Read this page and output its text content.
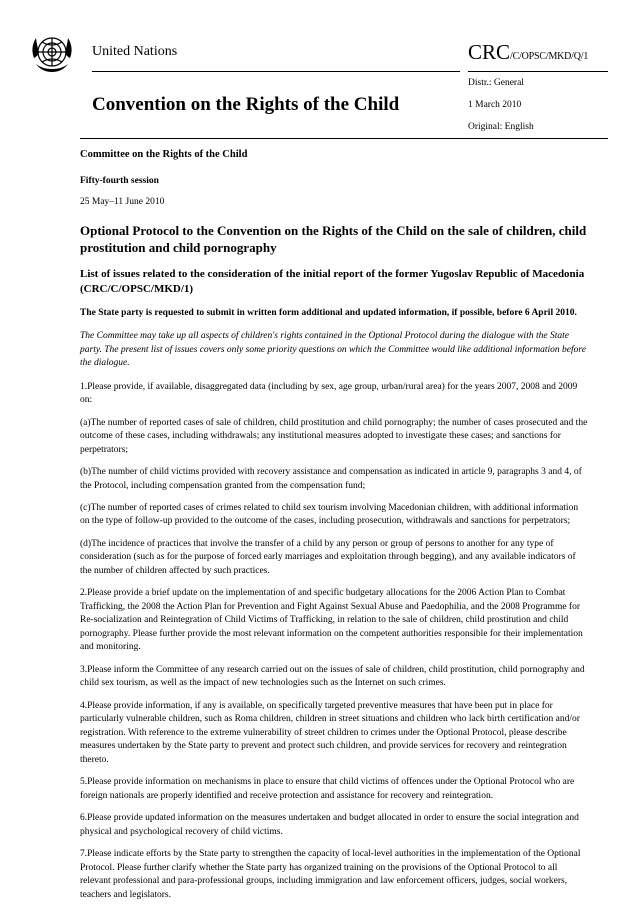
United Nations	CRC/C/OPSC/MKD/Q/1
Convention on the Rights of the Child
Distr.: General
1 March 2010
Original: English

Committee on the Rights of the Child

Fifty-fourth session

25 May–11 June 2010

Optional Protocol to the Convention on the Rights of the Child on the sale of children, child prostitution and child pornography

List of issues related to the consideration of the initial report of the former Yugoslav Republic of Macedonia (CRC/C/OPSC/MKD/1)

The State party is requested to submit in written form additional and updated information, if possible, before 6 April 2010.

The Committee may take up all aspects of children's rights contained in the Optional Protocol during the dialogue with the State party. The present list of issues covers only some priority questions on which the Committee would like additional information before the dialogue.

1.Please provide, if available, disaggregated data (including by sex, age group, urban/rural area) for the years 2007, 2008 and 2009 on:

(a)The number of reported cases of sale of children, child prostitution and child pornography; the number of cases prosecuted and the outcome of these cases, including withdrawals; any institutional measures adopted to investigate these cases; and sanctions for perpetrators;

(b)The number of child victims provided with recovery assistance and compensation as indicated in article 9, paragraphs 3 and 4, of the Protocol, including compensation granted from the compensation fund;

(c)The number of reported cases of crimes related to child sex tourism involving Macedonian children, with additional information on the type of follow-up provided to the outcome of the cases, including prosecution, withdrawals and sanctions for perpetrators;

(d)The incidence of practices that involve the transfer of a child by any person or group of persons to another for any type of consideration (such as for the purpose of forced early marriages and exploitation through begging), and any available indicators of the number of children affected by such practices.

2.Please provide a brief update on the implementation of and specific budgetary allocations for the 2006 Action Plan to Combat Trafficking, the 2008 the Action Plan for Prevention and Fight Against Sexual Abuse and Paedophilia, and the 2008 Programme for Re-socialization and Reintegration of Child Victims of Trafficking, in relation to the sale of children, child prostitution and child pornography. Please further provide the most relevant information on the competent authorities responsible for their implementation and monitoring.

3.Please inform the Committee of any research carried out on the issues of sale of children, child prostitution, child pornography and child sex tourism, as well as the impact of new technologies such as the Internet on such crimes.

4.Please provide information, if any is available, on specifically targeted preventive measures that have been put in place for particularly vulnerable children, such as Roma children, children in street situations and children who lack birth certification and/or registration. With reference to the extreme vulnerability of street children to crimes under the Optional Protocol, please describe measures undertaken by the State party to prevent and protect such children, and provide services for recovery and reintegration thereto.

5.Please provide information on mechanisms in place to ensure that child victims of offences under the Optional Protocol who are foreign nationals are properly identified and receive protection and assistance for recovery and reintegration.

6.Please provide updated information on the measures undertaken and budget allocated in order to ensure the social integration and physical and psychological recovery of child victims.

7.Please indicate efforts by the State party to strengthen the capacity of local-level authorities in the implementation of the Optional Protocol. Please further clarify whether the State party has organized training on the provisions of the Optional Protocol to all relevant professional and para-professional groups, including immigration and law enforcement officers, judges, social workers, teachers and legislators.
